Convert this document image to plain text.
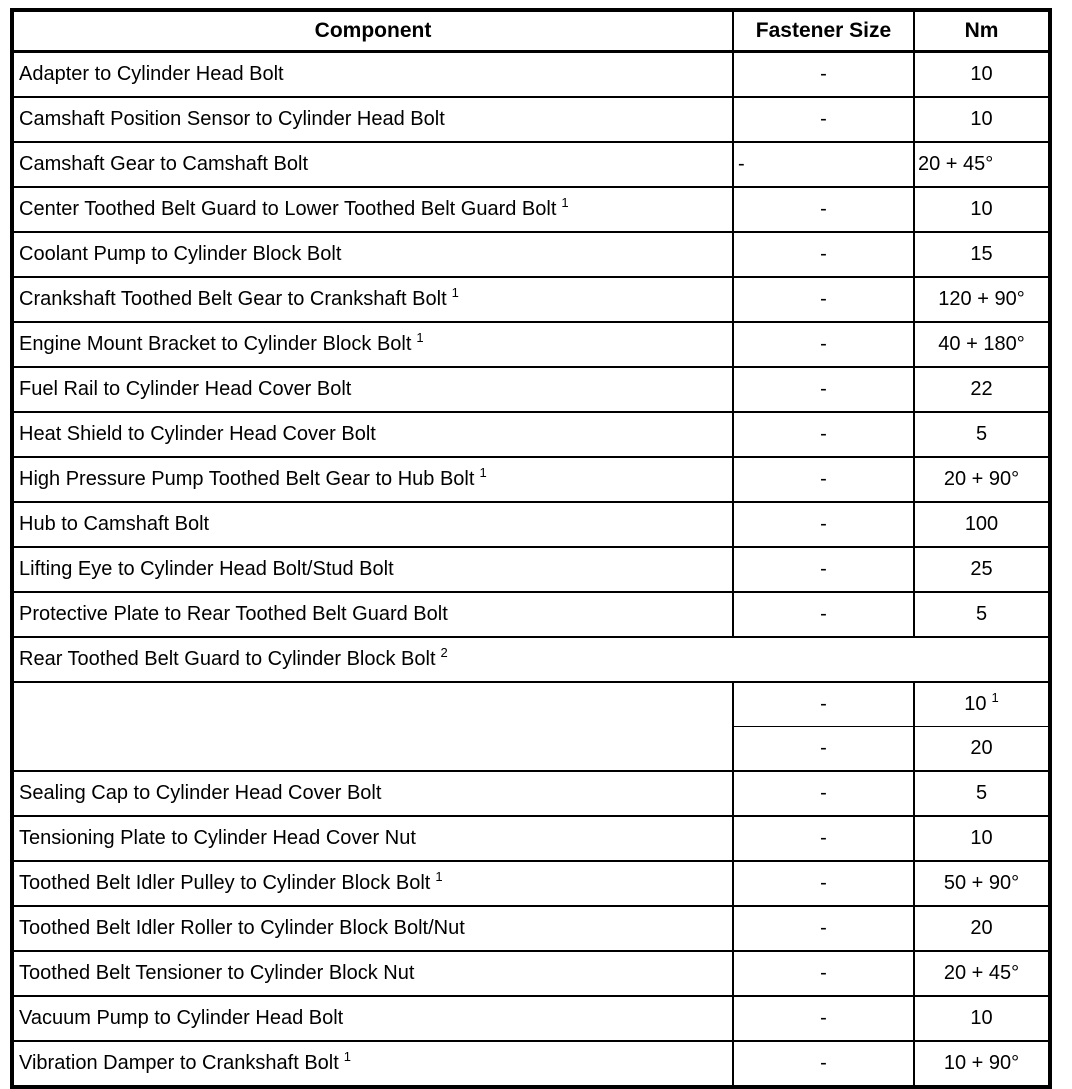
Component	Fastener Size	Nm
Adapter to Cylinder Head Bolt	-	10
Camshaft Position Sensor to Cylinder Head Bolt	-	10
Camshaft Gear to Camshaft Bolt	-	20 + 45°
Center Toothed Belt Guard to Lower Toothed Belt Guard Bolt $^1$	-	10
Coolant Pump to Cylinder Block Bolt	-	15
Crankshaft Toothed Belt Gear to Crankshaft Bolt $^1$	-	120 + 90°
Engine Mount Bracket to Cylinder Block Bolt $^1$	-	40 + 180°
Fuel Rail to Cylinder Head Cover Bolt	-	22
Heat Shield to Cylinder Head Cover Bolt	-	5
High Pressure Pump Toothed Belt Gear to Hub Bolt $^1$	-	20 + 90°
Hub to Camshaft Bolt	-	100
Lifting Eye to Cylinder Head Bolt/Stud Bolt	-	25
Protective Plate to Rear Toothed Belt Guard Bolt	-	5
Rear Toothed Belt Guard to Cylinder Block Bolt $^2$
	-	10 $^1$
	-	20
Sealing Cap to Cylinder Head Cover Bolt	-	5
Tensioning Plate to Cylinder Head Cover Nut	-	10
Toothed Belt Idler Pulley to Cylinder Block Bolt $^1$	-	50 + 90°
Toothed Belt Idler Roller to Cylinder Block Bolt/Nut	-	20
Toothed Belt Tensioner to Cylinder Block Nut	-	20 + 45°
Vacuum Pump to Cylinder Head Bolt	-	10
Vibration Damper to Crankshaft Bolt $^1$	-	10 + 90°
